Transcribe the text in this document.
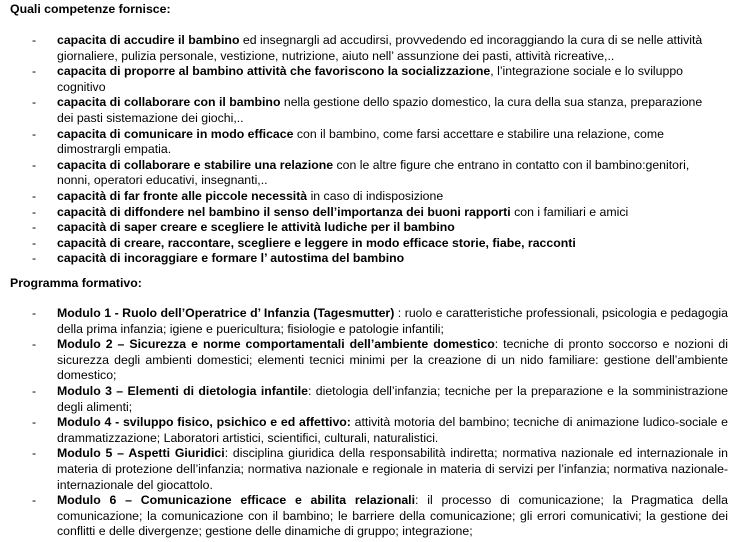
Quali competenze fornisce:
- capacita di accudire il bambino ed insegnargli ad accudirsi, provvedendo ed incoraggiando la cura di se nelle attività giornaliere, pulizia personale, vestizione, nutrizione, aiuto nell’ assunzione dei pasti, attività ricreative,..
- capacita di proporre al bambino attività che favoriscono la socializzazione, l’integrazione sociale e lo sviluppo cognitivo
- capacita di collaborare con il bambino nella gestione dello spazio domestico, la cura della sua stanza, preparazione dei pasti sistemazione dei giochi,..
- capacita di comunicare in modo efficace con il bambino, come farsi accettare e stabilire una relazione, come dimostrargli empatia.
- capacita di collaborare e stabilire una relazione con le altre figure che entrano in contatto con il bambino:genitori, nonni, operatori educativi, insegnanti,..
- capacità di far fronte alle piccole necessità in caso di indisposizione
- capacità di diffondere nel bambino il senso dell’importanza dei buoni rapporti con i familiari e amici
- capacità di saper creare e scegliere le attività ludiche per il bambino
- capacità di creare, raccontare, scegliere e leggere in modo efficace storie, fiabe, racconti
- capacità di incoraggiare e formare l’ autostima del bambino
Programma formativo:
- Modulo 1 - Ruolo dell’Operatrice d’ Infanzia (Tagesmutter) : ruolo e caratteristiche professionali, psicologia e pedagogia della prima infanzia; igiene e puericultura; fisiologie e patologie infantili;
- Modulo 2 – Sicurezza e norme comportamentali dell’ambiente domestico: tecniche di pronto soccorso e nozioni di sicurezza degli ambienti domestici; elementi tecnici minimi per la creazione di un nido familiare: gestione dell’ambiente domestico;
- Modulo 3 – Elementi di dietologia infantile: dietologia dell’infanzia; tecniche per la preparazione e la somministrazione degli alimenti;
- Modulo 4 - sviluppo fisico, psichico e ed affettivo: attività motoria del bambino; tecniche di animazione ludico-sociale e drammatizzazione; Laboratori artistici, scientifici, culturali, naturalistici.
- Modulo 5 – Aspetti Giuridici: disciplina giuridica della responsabilità indiretta; normativa nazionale ed internazionale in materia di protezione dell’infanzia; normativa nazionale e regionale in materia di servizi per l’infanzia; normativa nazionale-internazionale del giocattolo.
- Modulo 6 – Comunicazione efficace e abilita relazionali: il processo di comunicazione; la Pragmatica della comunicazione; la comunicazione con il bambino; le barriere della comunicazione; gli errori comunicativi; la gestione dei conflitti e delle divergenze; gestione delle dinamiche di gruppo; integrazione;
